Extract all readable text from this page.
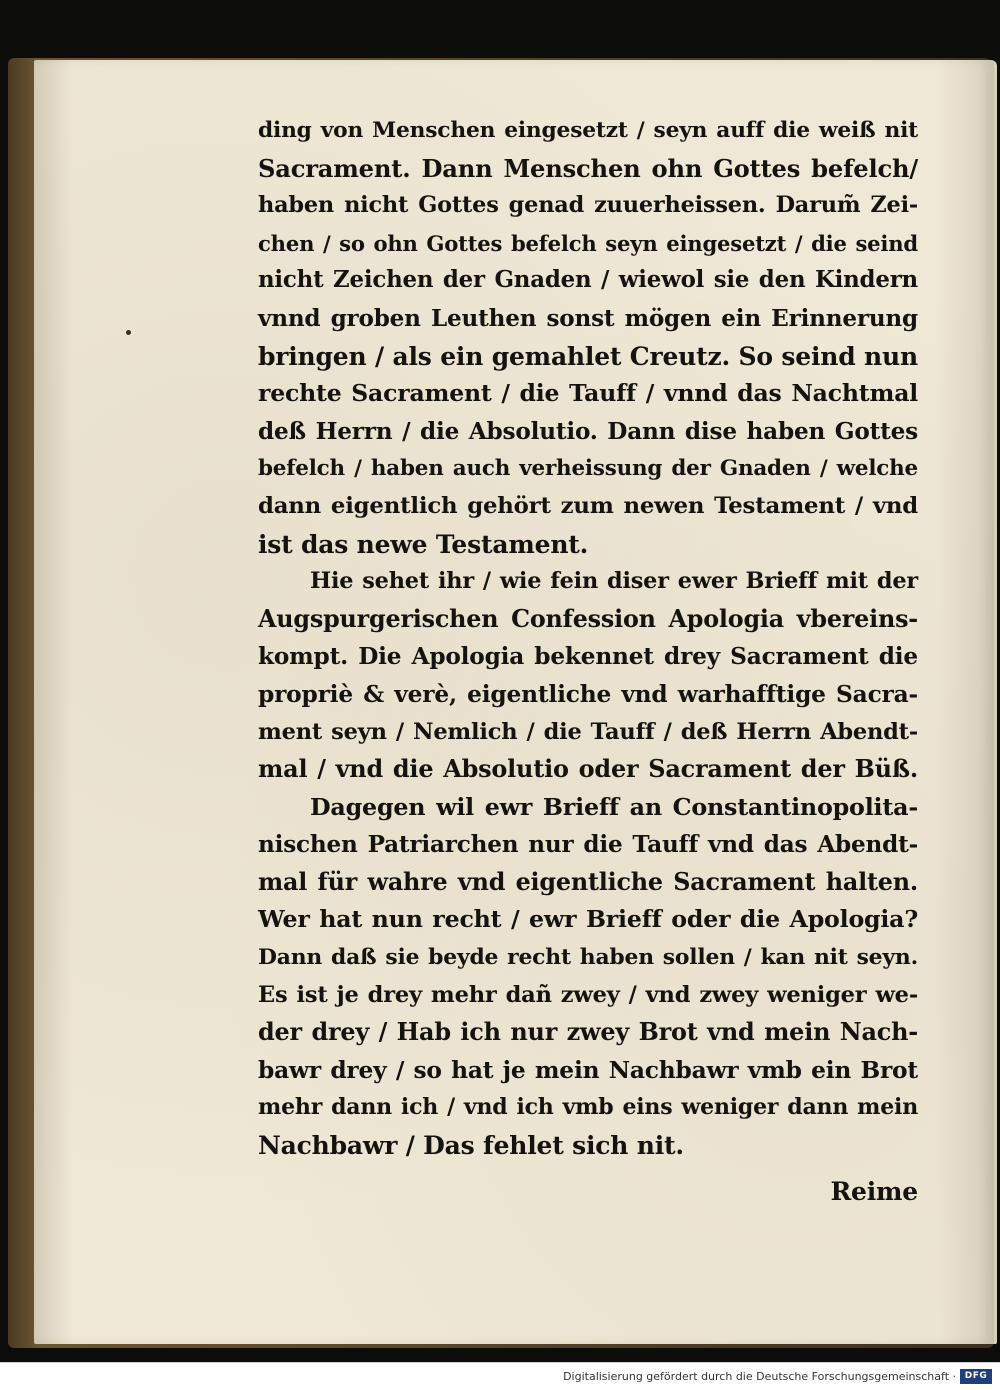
ding von Menschen eingesetzt / seyn auff die weiß nit
Sacrament. Dann Menschen ohn Gottes befelch/
haben nicht Gottes genad zuuerheissen. Darum̃ Zei-
chen / so ohn Gottes befelch seyn eingesetzt / die seind
nicht Zeichen der Gnaden / wiewol sie den Kindern
vnnd groben Leuthen sonst mögen ein Erinnerung
bringen / als ein gemahlet Creutz. So seind nun
rechte Sacrament / die Tauff / vnnd das Nachtmal
deß Herrn / die Absolutio. Dann dise haben Gottes
befelch / haben auch verheissung der Gnaden / welche
dann eigentlich gehört zum newen Testament / vnd
ist das newe Testament.
Hie sehet ihr / wie fein diser ewer Brieff mit der
Augspurgerischen Confession Apologia vbereins-
kompt. Die Apologia bekennet drey Sacrament die
propriè & verè, eigentliche vnd warhafftige Sacra-
ment seyn / Nemlich / die Tauff / deß Herrn Abendt-
mal / vnd die Absolutio oder Sacrament der Büß.
Dagegen wil ewr Brieff an Constantinopolita-
nischen Patriarchen nur die Tauff vnd das Abendt-
mal für wahre vnd eigentliche Sacrament halten.
Wer hat nun recht / ewr Brieff oder die Apologia?
Dann daß sie beyde recht haben sollen / kan nit seyn.
Es ist je drey mehr dañ zwey / vnd zwey weniger we-
der drey / Hab ich nur zwey Brot vnd mein Nach-
bawr drey / so hat je mein Nachbawr vmb ein Brot
mehr dann ich / vnd ich vmb eins weniger dann mein
Nachbawr / Das fehlet sich nit.
Reime
Digitalisierung gefördert durch die Deutsche Forschungsgemeinschaft · DFG
